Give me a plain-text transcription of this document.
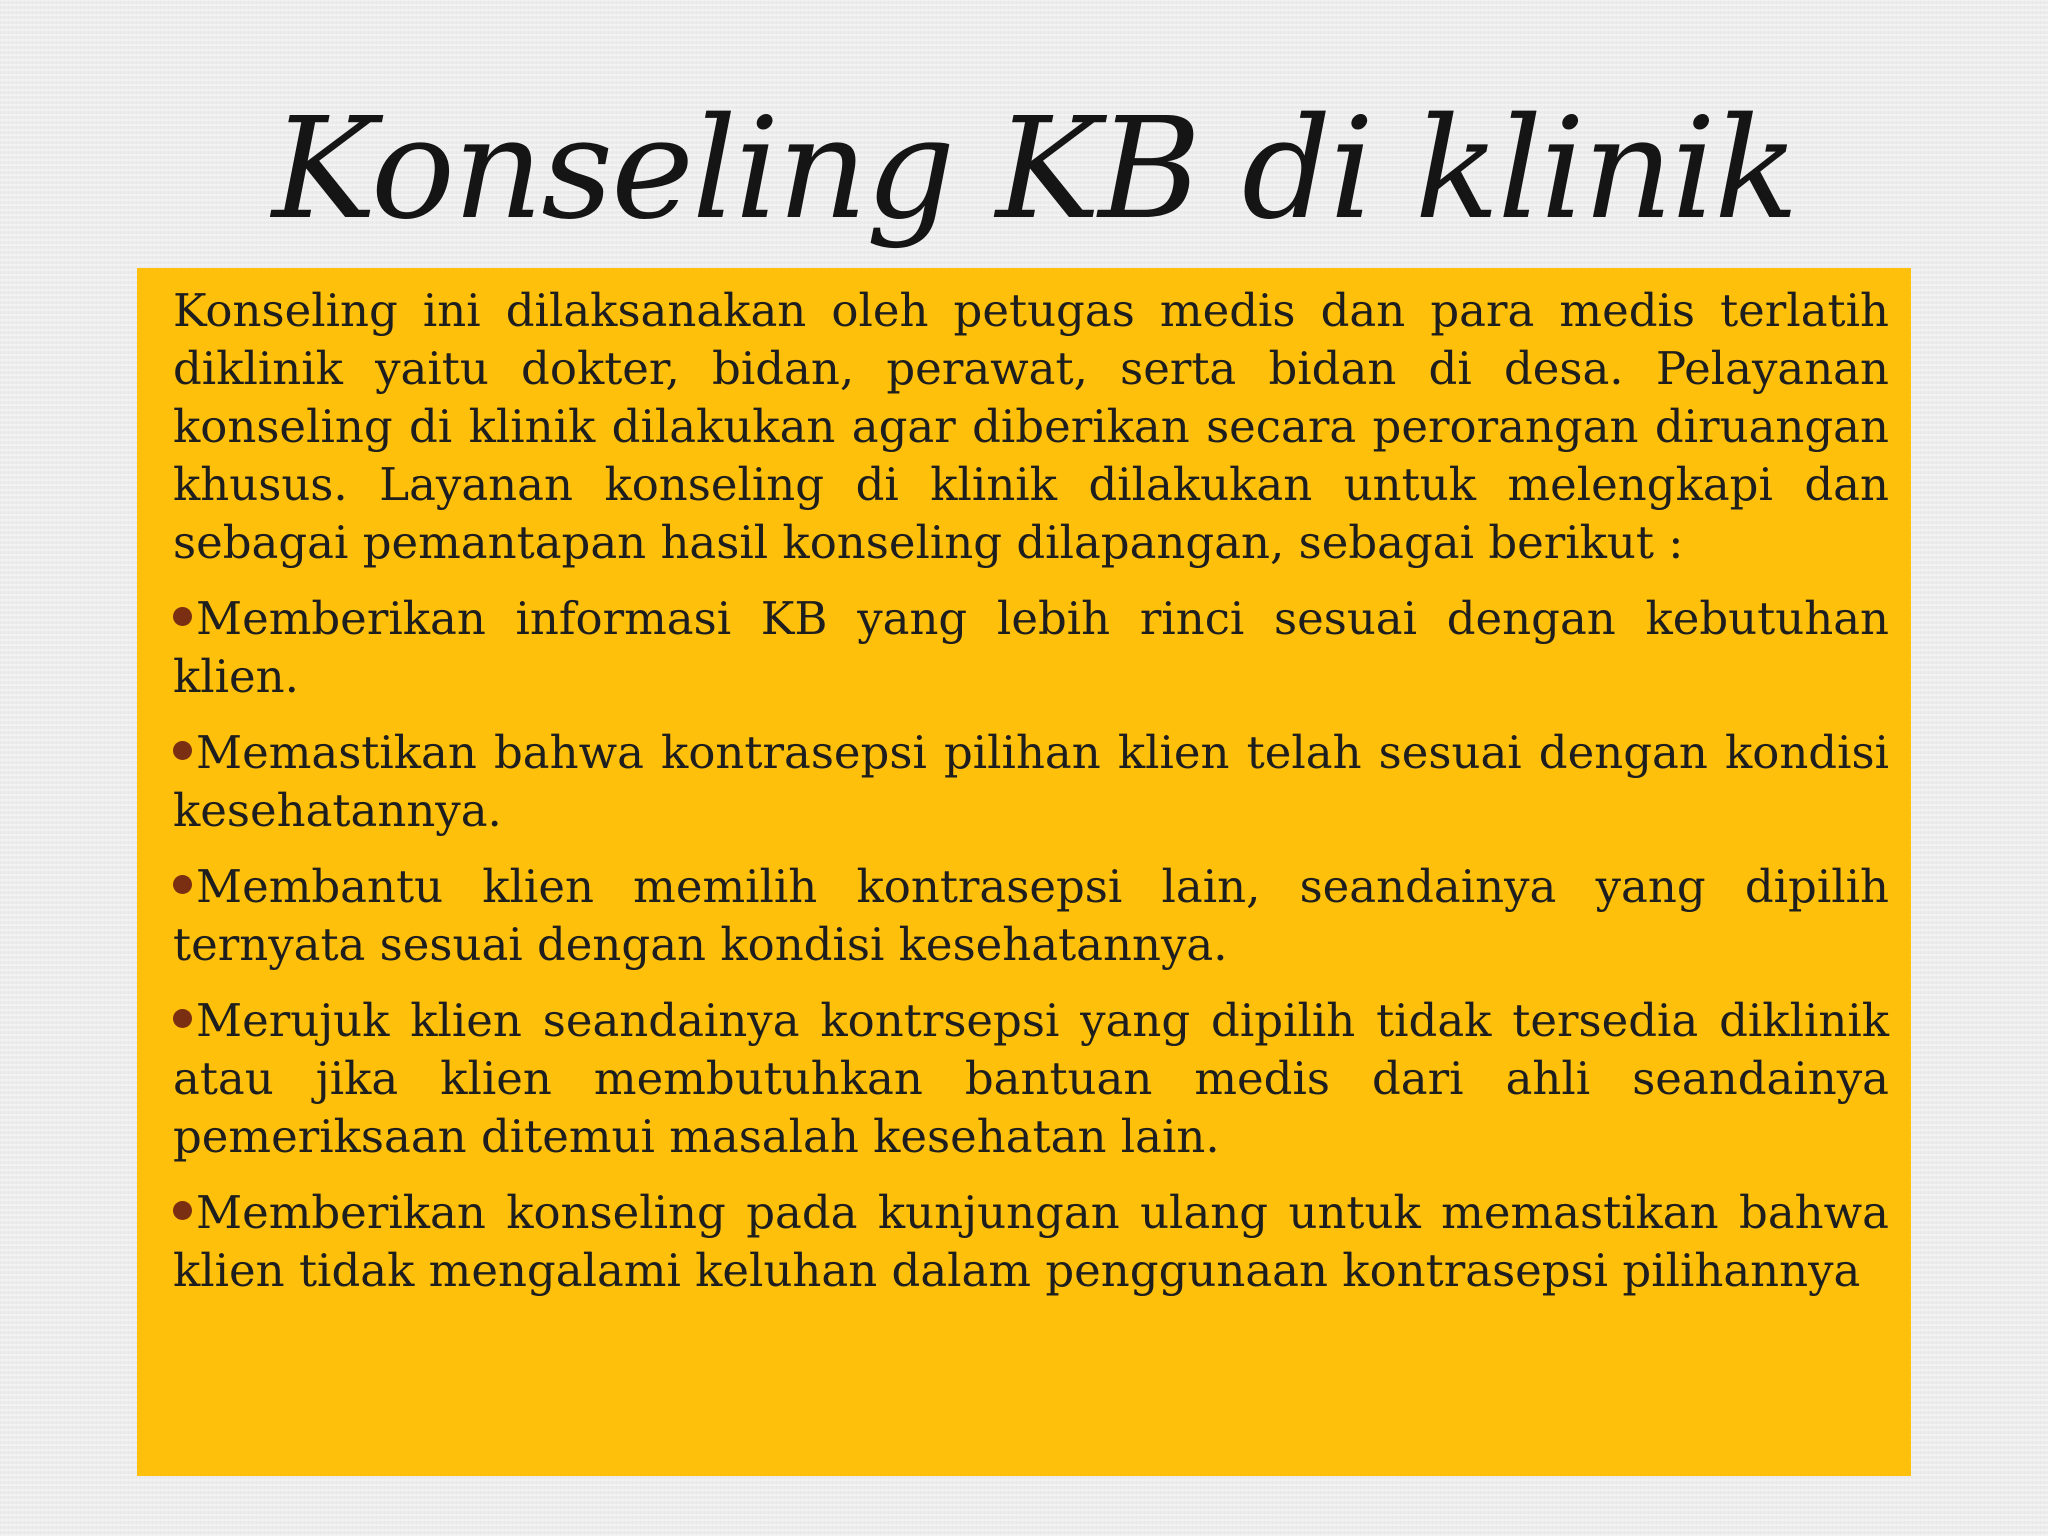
Konseling KB di klinik

Konseling ini dilaksanakan oleh petugas medis dan para medis terlatih diklinik yaitu dokter, bidan, perawat, serta bidan di desa. Pelayanan konseling di klinik dilakukan agar diberikan secara perorangan diruangan khusus. Layanan konseling di klinik dilakukan untuk melengkapi dan sebagai pemantapan hasil konseling dilapangan, sebagai berikut :

Memberikan informasi KB yang lebih rinci sesuai dengan kebutuhan klien.
Memastikan bahwa kontrasepsi pilihan klien telah sesuai dengan kondisi kesehatannya.
Membantu klien memilih kontrasepsi lain, seandainya yang dipilih ternyata sesuai dengan kondisi kesehatannya.
Merujuk klien seandainya kontrsepsi yang dipilih tidak tersedia diklinik atau jika klien membutuhkan bantuan medis dari ahli seandainya pemeriksaan ditemui masalah kesehatan lain.
Memberikan konseling pada kunjungan ulang untuk memastikan bahwa klien tidak mengalami keluhan dalam penggunaan kontrasepsi pilihannya
